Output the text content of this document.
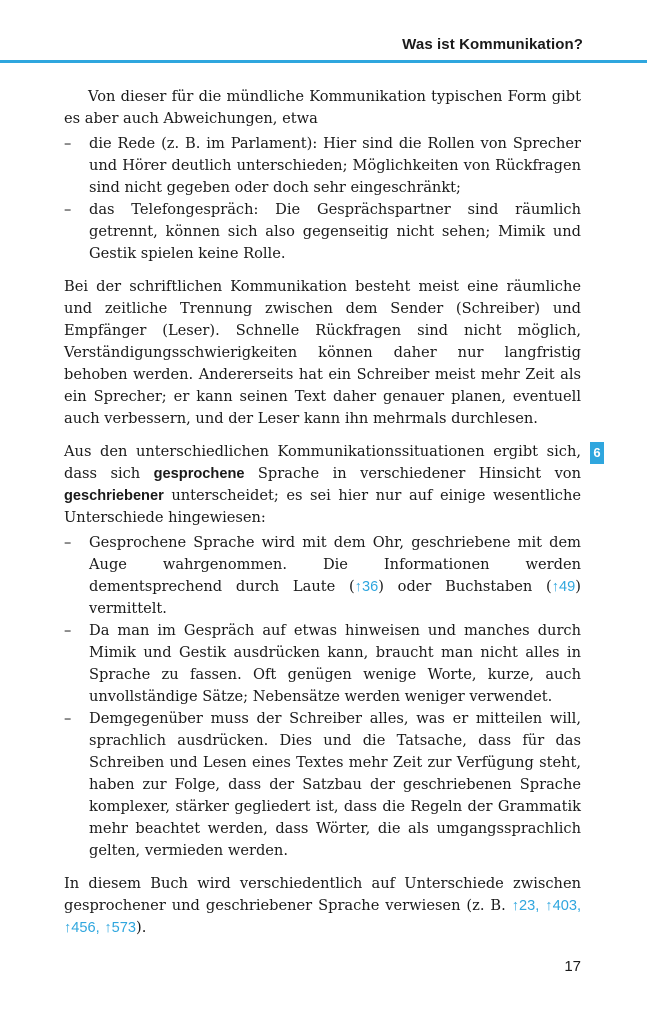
Was ist Kommunikation?

Von dieser für die mündliche Kommunikation typischen Form gibt es aber auch Abweichungen, etwa

– die Rede (z. B. im Parlament): Hier sind die Rollen von Sprecher und Hörer deutlich unterschieden; Möglichkeiten von Rückfragen sind nicht gegeben oder doch sehr eingeschränkt;
– das Telefongespräch: Die Gesprächspartner sind räumlich getrennt, können sich also gegenseitig nicht sehen; Mimik und Gestik spielen keine Rolle.

Bei der schriftlichen Kommunikation besteht meist eine räumliche und zeitliche Trennung zwischen dem Sender (Schreiber) und Empfänger (Leser). Schnelle Rückfragen sind nicht möglich, Verständigungsschwierigkeiten können daher nur langfristig behoben werden. Andererseits hat ein Schreiber meist mehr Zeit als ein Sprecher; er kann seinen Text daher genauer planen, eventuell auch verbessern, und der Leser kann ihn mehrmals durchlesen.

Aus den unterschiedlichen Kommunikationssituationen ergibt sich, dass sich gesprochene Sprache in verschiedener Hinsicht von geschriebener unterscheidet; es sei hier nur auf einige wesentliche Unterschiede hingewiesen:

– Gesprochene Sprache wird mit dem Ohr, geschriebene mit dem Auge wahrgenommen. Die Informationen werden dementsprechend durch Laute (↑36) oder Buchstaben (↑49) vermittelt.
– Da man im Gespräch auf etwas hinweisen und manches durch Mimik und Gestik ausdrücken kann, braucht man nicht alles in Sprache zu fassen. Oft genügen wenige Worte, kurze, auch unvollständige Sätze; Nebensätze werden weniger verwendet.
– Demgegenüber muss der Schreiber alles, was er mitteilen will, sprachlich ausdrücken. Dies und die Tatsache, dass für das Schreiben und Lesen eines Textes mehr Zeit zur Verfügung steht, haben zur Folge, dass der Satzbau der geschriebenen Sprache komplexer, stärker gegliedert ist, dass die Regeln der Grammatik mehr beachtet werden, dass Wörter, die als umgangssprachlich gelten, vermieden werden.

In diesem Buch wird verschiedentlich auf Unterschiede zwischen gesprochener und geschriebener Sprache verwiesen (z. B. ↑23, ↑403, ↑456, ↑573).

6
17
